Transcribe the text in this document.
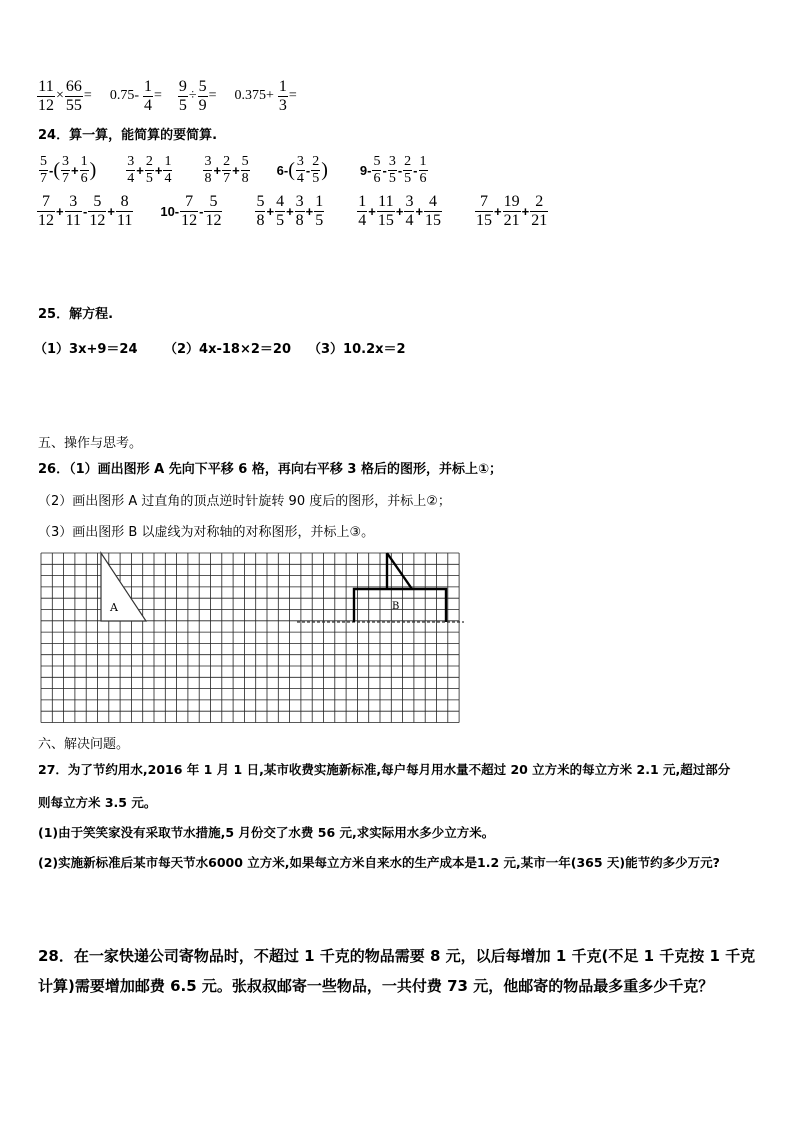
$\frac{11}{12} \times \frac{66}{55} = 0.75- \frac{1}{4} = \frac{9}{5} \div \frac{5}{9} = 0.375+ \frac{1}{3}$ =
24．算一算，能简算的要简算.
$\frac{5}{7}$ - ( $\frac{3}{7} + \frac{1}{6}$ ) $\frac{3}{4} + \frac{2}{5} + \frac{1}{4} \frac{3}{8} + \frac{2}{7} + \frac{5}{8} 6-$ ( $\frac{3}{4} - \frac{2}{5}$ ) $9- \frac{5}{6} - \frac{3}{5} - \frac{2}{5} - \frac{1}{6}$
$\frac{7}{12} + \frac{3}{11} - \frac{5}{12} + \frac{8}{11} 10- \frac{7}{12} - \frac{5}{12} \frac{5}{8} + \frac{4}{5} + \frac{3}{8} + \frac{1}{5} \frac{1}{4} + \frac{11}{15} + \frac{3}{4} + \frac{4}{15} \frac{7}{15} + \frac{19}{21} + \frac{2}{21}$
25．解方程.
（1）3x+9＝24 （2）4x-18×2＝20 （3）10.2x＝2
五、操作与思考。
26．（1）画出图形 A 先向下平移 6 格，再向右平移 3 格后的图形，并标上①；
（2）画出图形 A 过直角的顶点逆时针旋转 90 度后的图形，并标上②；
（3）画出图形 B 以虚线为对称轴的对称图形，并标上③。
A	B
六、解决问题。
27．为了节约用水,2016 年 1 月 1 日,某市收费实施新标准,每户每月用水量不超过 20 立方米的每立方米 2.1 元,超过部分
则每立方米 3.5 元。
(1)由于笑笑家没有采取节水措施,5 月份交了水费 56 元,求实际用水多少立方米。
(2)实施新标准后某市每天节水6000 立方米,如果每立方米自来水的生产成本是1.2 元,某市一年(365 天)能节约多少万元?
28．在一家快递公司寄物品时，不超过 1 千克的物品需要 8 元，以后每增加 1 千克(不足 1 千克按 1 千克
计算)需要增加邮费 6.5 元。张叔叔邮寄一些物品，一共付费 73 元，他邮寄的物品最多重多少千克？
